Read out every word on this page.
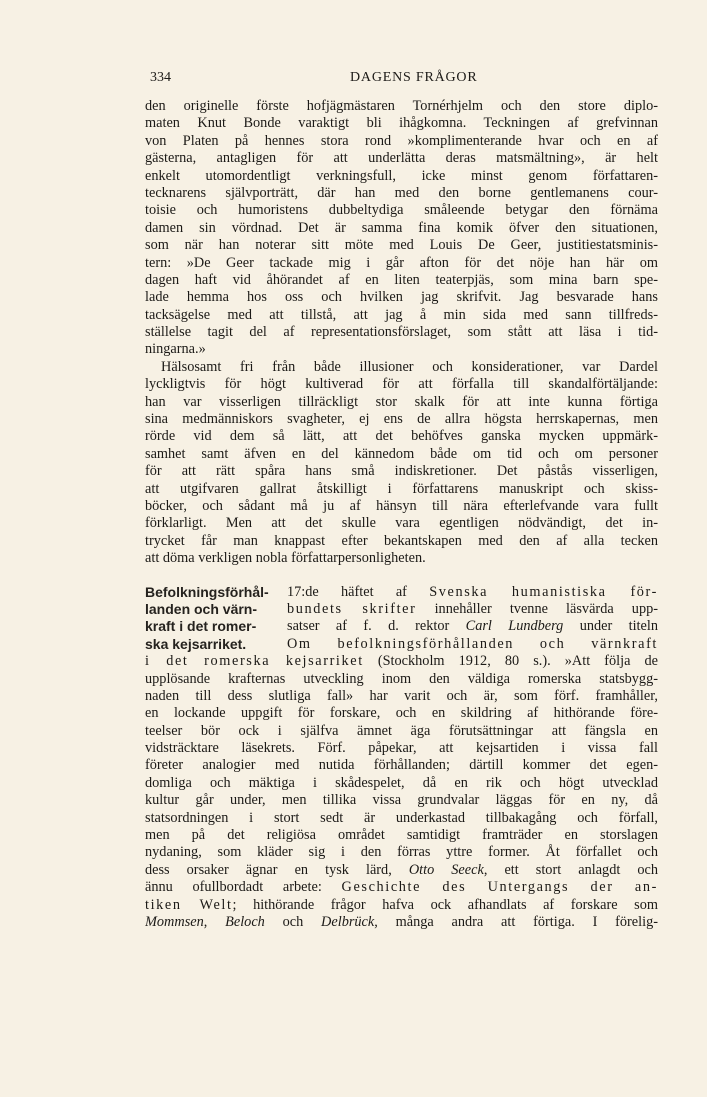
334	DAGENS FRÅGOR
den originelle förste hofjägmästaren Tornérhjelm och den store diplo-
maten Knut Bonde varaktigt bli ihågkomna. Teckningen af grefvinnan
von Platen på hennes stora rond »komplimenterande hvar och en af
gästerna, antagligen för att underlätta deras matsmältning», är helt
enkelt utomordentligt verkningsfull, icke minst genom författaren-
tecknarens självporträtt, där han med den borne gentlemanens cour-
toisie och humoristens dubbeltydiga småleende betygar den förnäma
damen sin vördnad. Det är samma fina komik öfver den situationen,
som när han noterar sitt möte med Louis De Geer, justitiestatsminis-
tern: »De Geer tackade mig i går afton för det nöje han här om
dagen haft vid åhörandet af en liten teaterpjäs, som mina barn spe-
lade hemma hos oss och hvilken jag skrifvit. Jag besvarade hans
tacksägelse med att tillstå, att jag å min sida med sann tillfreds-
ställelse tagit del af representationsförslaget, som stått att läsa i tid-
ningarna.»
Hälsosamt fri från både illusioner och konsiderationer, var Dardel
lyckligtvis för högt kultiverad för att förfalla till skandalförtäljande:
han var visserligen tillräckligt stor skalk för att inte kunna förtiga
sina medmänniskors svagheter, ej ens de allra högsta herrskapernas, men
rörde vid dem så lätt, att det behöfves ganska mycken uppmärk-
samhet samt äfven en del kännedom både om tid och om personer
för att rätt spåra hans små indiskretioner. Det påstås visserligen,
att utgifvaren gallrat åtskilligt i författarens manuskript och skiss-
böcker, och sådant må ju af hänsyn till nära efterlefvande vara fullt
förklarligt. Men att det skulle vara egentligen nödvändigt, det in-
trycket får man knappast efter bekantskapen med den af alla tecken
att döma verkligen nobla författarpersonligheten.
Befolkningsförhål-
landen och värn-
kraft i det romer-
ska kejsarriket.
17:de häftet af Svenska humanistiska för-
bundets skrifter innehåller tvenne läsvärda upp-
satser af f. d. rektor Carl Lundberg under titeln
Om befolkningsförhållanden och värnkraft
i det romerska kejsarriket (Stockholm 1912, 80 s.). »Att följa de
upplösande krafternas utveckling inom den väldiga romerska statsbygg-
naden till dess slutliga fall» har varit och är, som förf. framhåller,
en lockande uppgift för forskare, och en skildring af hithörande före-
teelser bör ock i själfva ämnet äga förutsättningar att fängsla en
vidsträcktare läsekrets. Förf. påpekar, att kejsartiden i vissa fall
företer analogier med nutida förhållanden; därtill kommer det egen-
domliga och mäktiga i skådespelet, då en rik och högt utvecklad
kultur går under, men tillika vissa grundvalar läggas för en ny, då
statsordningen i stort sedt är underkastad tillbakagång och förfall,
men på det religiösa området samtidigt framträder en storslagen
nydaning, som kläder sig i den förras yttre former. Åt förfallet och
dess orsaker ägnar en tysk lärd, Otto Seeck, ett stort anlagdt och
ännu ofullbordadt arbete: Geschichte des Untergangs der an-
tiken Welt; hithörande frågor hafva ock afhandlats af forskare som
Mommsen, Beloch och Delbrück, många andra att förtiga. I förelig-
